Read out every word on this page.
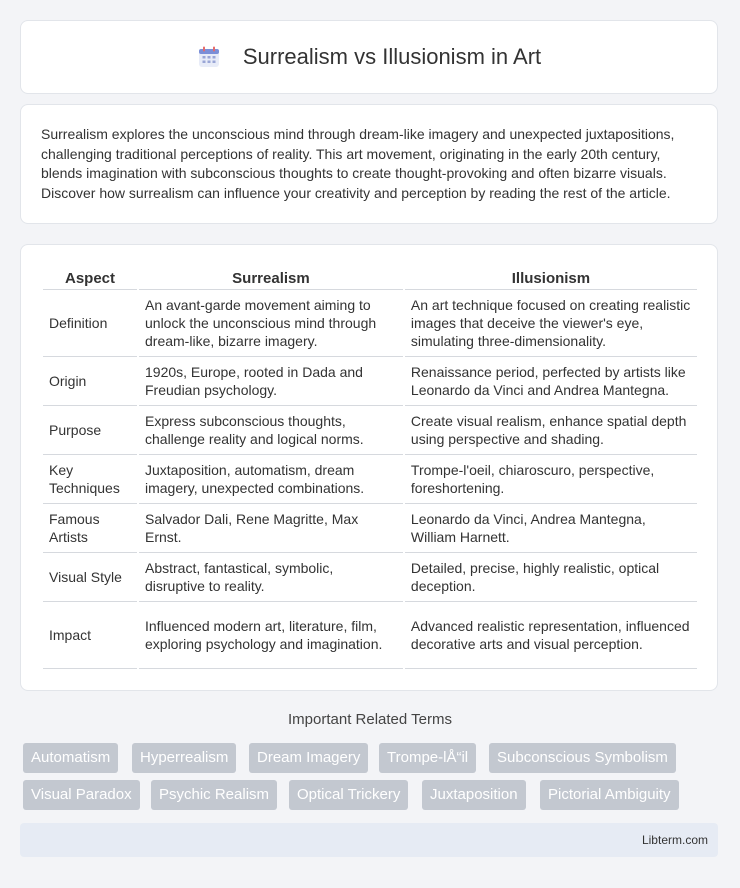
Surrealism vs Illusionism in Art

Surrealism explores the unconscious mind through dream-like imagery and unexpected juxtapositions, challenging traditional perceptions of reality. This art movement, originating in the early 20th century, blends imagination with subconscious thoughts to create thought-provoking and often bizarre visuals. Discover how surrealism can influence your creativity and perception by reading the rest of the article.

Aspect	Surrealism	Illusionism
Definition	An avant-garde movement aiming to unlock the unconscious mind through dream-like, bizarre imagery.	An art technique focused on creating realistic images that deceive the viewer's eye, simulating three-dimensionality.
Origin	1920s, Europe, rooted in Dada and Freudian psychology.	Renaissance period, perfected by artists like Leonardo da Vinci and Andrea Mantegna.
Purpose	Express subconscious thoughts, challenge reality and logical norms.	Create visual realism, enhance spatial depth using perspective and shading.
Key Techniques	Juxtaposition, automatism, dream imagery, unexpected combinations.	Trompe-l'oeil, chiaroscuro, perspective, foreshortening.
Famous Artists	Salvador Dali, Rene Magritte, Max Ernst.	Leonardo da Vinci, Andrea Mantegna, William Harnett.
Visual Style	Abstract, fantastical, symbolic, disruptive to reality.	Detailed, precise, highly realistic, optical deception.
Impact	Influenced modern art, literature, film, exploring psychology and imagination.	Advanced realistic representation, influenced decorative arts and visual perception.
Important Related Terms
Automatism	Hyperrealism	Dream Imagery	Trompe-lÅ“il	Subconscious Symbolism
Visual Paradox	Psychic Realism	Optical Trickery	Juxtaposition	Pictorial Ambiguity
Libterm.com
